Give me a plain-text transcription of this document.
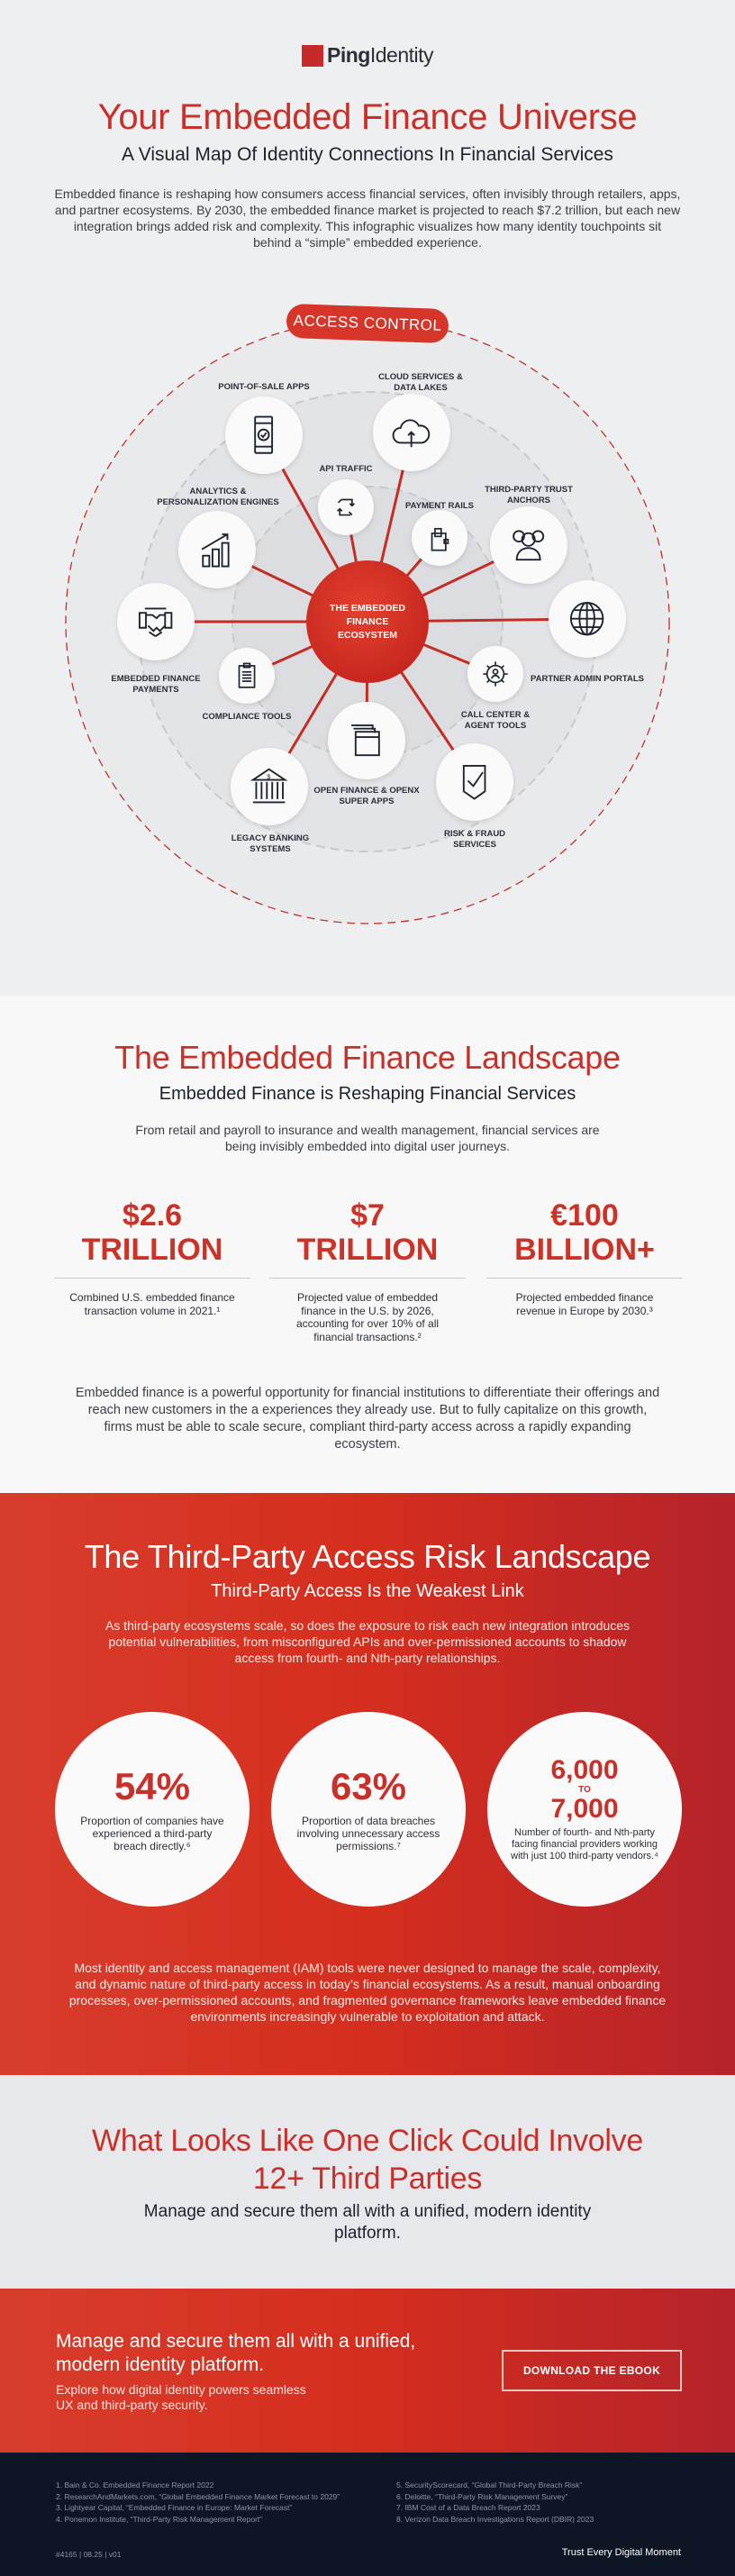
PingIdentity
Your Embedded Finance Universe
A Visual Map Of Identity Connections In Financial Services

Embedded finance is reshaping how consumers access financial services, often invisibly through retailers, apps, and partner ecosystems. By 2030, the embedded finance market is projected to reach $7.2 trillion, but each new integration brings added risk and complexity. This infographic visualizes how many identity touchpoints sit behind a “simple” embedded experience.

ACCESS CONTROL
THE EMBEDDED FINANCE ECOSYSTEM
POINT-OF-SALE APPS
CLOUD SERVICES & DATA LAKES
API TRAFFIC
PAYMENT RAILS
THIRD-PARTY TRUST ANCHORS
ANALYTICS & PERSONALIZATION ENGINES
EMBEDDED FINANCE PAYMENTS
PARTNER ADMIN PORTALS
COMPLIANCE TOOLS	CALL CENTER & AGENT TOOLS
OPEN FINANCE & OPENX SUPER APPS
$
LEGACY BANKING SYSTEMS
RISK & FRAUD SERVICES
The Embedded Finance Landscape
Embedded Finance is Reshaping Financial Services

From retail and payroll to insurance and wealth management, financial services are being invisibly embedded into digital user journeys.

$2.6
TRILLION
Combined U.S. embedded finance transaction volume in 2021.¹
$7
TRILLION
Projected value of embedded finance in the U.S. by 2026, accounting for over 10% of all financial transactions.²
€100
BILLION+
Projected embedded finance revenue in Europe by 2030.³

Embedded finance is a powerful opportunity for financial institutions to differentiate their offerings and reach new customers in the a experiences they already use. But to fully capitalize on this growth, firms must be able to scale secure, compliant third-party access across a rapidly expanding ecosystem.

The Third-Party Access Risk Landscape
Third-Party Access Is the Weakest Link

As third-party ecosystems scale, so does the exposure to risk each new integration introduces potential vulnerabilities, from misconfigured APIs and over-permissioned accounts to shadow access from fourth- and Nth-party relationships.

54%
Proportion of companies have experienced a third-party breach directly.⁶
63%
Proportion of data breaches involving unnecessary access permissions.⁷
6,000
TO
7,000
Number of fourth- and Nth-party facing financial providers working with just 100 third-party vendors.⁴

Most identity and access management (IAM) tools were never designed to manage the scale, complexity, and dynamic nature of third-party access in today’s financial ecosystems. As a result, manual onboarding processes, over-permissioned accounts, and fragmented governance frameworks leave embedded finance environments increasingly vulnerable to exploitation and attack.

What Looks Like One Click Could Involve 12+ Third Parties
Manage and secure them all with a unified, modern identity platform.
Manage and secure them all with a unified, modern identity platform.
Explore how digital identity powers seamless UX and third-party security.
DOWNLOAD THE EBOOK
1. Bain & Co. Embedded Finance Report 2022
2. ResearchAndMarkets.com, “Global Embedded Finance Market Forecast to 2029”
3. Lightyear Capital, “Embedded Finance in Europe: Market Forecast”
4. Ponemon Institute, “Third-Party Risk Management Report”
5. SecurityScorecard, “Global Third-Party Breach Risk”
6. Deloitte, “Third-Party Risk Management Survey”
7. IBM Cost of a Data Breach Report 2023
8. Verizon Data Breach Investigations Report (DBIR) 2023
#4165 | 08.25 | v01	Trust Every Digital Moment
